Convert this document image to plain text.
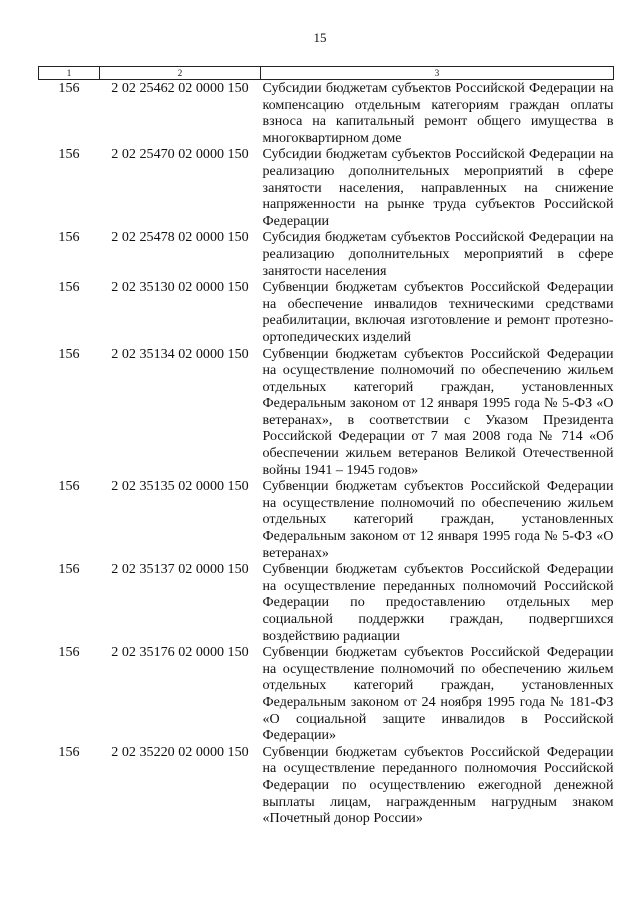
15
1	2	3
156	2 02 25462 02 0000 150	Субсидии бюджетам субъектов Российской Федерации на компенсацию отдельным категориям граждан оплаты взноса на капитальный ремонт общего имущества в многоквартирном доме
156	2 02 25470 02 0000 150	Субсидии бюджетам субъектов Российской Федерации на реализацию дополнительных мероприятий в сфере занятости населения, направленных на снижение напряженности на рынке труда субъектов Российской Федерации
156	2 02 25478 02 0000 150	Субсидия бюджетам субъектов Российской Федерации на реализацию дополнительных мероприятий в сфере занятости населения
156	2 02 35130 02 0000 150	Субвенции бюджетам субъектов Российской Федерации на обеспечение инвалидов техническими средствами реабилитации, включая изготовление и ремонт протезно-ортопедических изделий
156	2 02 35134 02 0000 150	Субвенции бюджетам субъектов Российской Федерации на осуществление полномочий по обеспечению жильем отдельных категорий граждан, установленных Федеральным законом от 12 января 1995 года № 5-ФЗ «О ветеранах», в соответствии с Указом Президента Российской Федерации от 7 мая 2008 года № 714 «Об обеспечении жильем ветеранов Великой Отечественной войны 1941 – 1945 годов»
156	2 02 35135 02 0000 150	Субвенции бюджетам субъектов Российской Федерации на осуществление полномочий по обеспечению жильем отдельных категорий граждан, установленных Федеральным законом от 12 января 1995 года № 5-ФЗ «О ветеранах»
156	2 02 35137 02 0000 150	Субвенции бюджетам субъектов Российской Федерации на осуществление переданных полномочий Российской Федерации по предоставлению отдельных мер социальной поддержки граждан, подвергшихся воздействию радиации
156	2 02 35176 02 0000 150	Субвенции бюджетам субъектов Российской Федерации на осуществление полномочий по обеспечению жильем отдельных категорий граждан, установленных Федеральным законом от 24 ноября 1995 года № 181-ФЗ «О социальной защите инвалидов в Российской Федерации»
156	2 02 35220 02 0000 150	Субвенции бюджетам субъектов Российской Федерации на осуществление переданного полномочия Российской Федерации по осуществлению ежегодной денежной выплаты лицам, награжденным нагрудным знаком «Почетный донор России»
